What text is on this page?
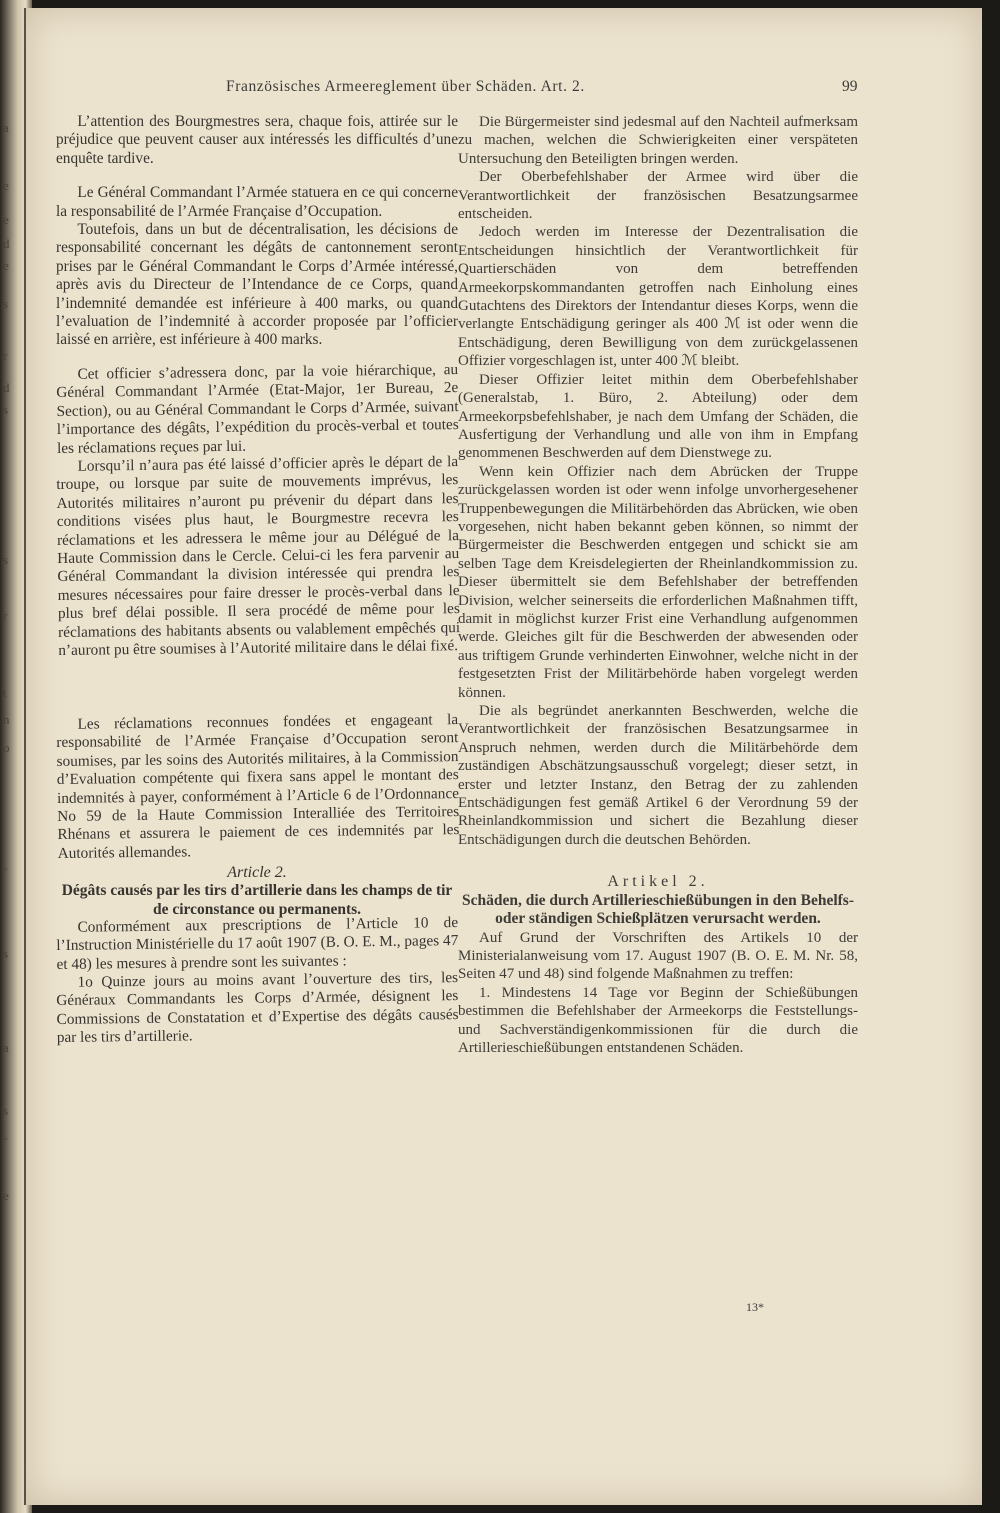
a
e
e
d
e
s
r
d
s
s
r
t
n
o
-
s
a
s
-
e
Französisches Armeereglement über Schäden. Art. 2.	99

L’attention des Bourgmestres sera, chaque fois, attirée sur le préjudice que peuvent causer aux intéressés les difficultés d’une enquête tardive.

Le Général Commandant l’Armée statuera en ce qui concerne la responsabilité de l’Armée Française d’Occupation.

Toutefois, dans un but de décentralisation, les décisions de responsabilité concernant les dégâts de cantonnement seront prises par le Général Commandant le Corps d’Armée intéressé, après avis du Directeur de l’Intendance de ce Corps, quand l’indemnité demandée est inférieure à 400 marks, ou quand l’evaluation de l’indemnité à accorder proposée par l’officier laissé en arrière, est inférieure à 400 marks.

Cet officier s’adressera donc, par la voie hiérarchique, au Général Commandant l’Armée (Etat-Major, 1er Bureau, 2e Section), ou au Général Commandant le Corps d’Armée, suivant l’importance des dégâts, l’expédition du procès-verbal et toutes les réclamations reçues par lui.

Lorsqu’il n’aura pas été laissé d’officier après le départ de la troupe, ou lorsque par suite de mouvements imprévus, les Autorités militaires n’auront pu prévenir du départ dans les conditions visées plus haut, le Bourgmestre recevra les réclamations et les adressera le même jour au Délégué de la Haute Commission dans le Cercle. Celui-ci les fera parvenir au Général Commandant la division intéressée qui prendra les mesures nécessaires pour faire dresser le procès-verbal dans le plus bref délai possible. Il sera procédé de même pour les réclamations des habitants absents ou valablement empêchés qui n’auront pu être soumises à l’Autorité militaire dans le délai fixé.

Les réclamations reconnues fondées et engageant la responsabilité de l’Armée Française d’Occupation seront soumises, par les soins des Autorités militaires, à la Commission d’Evaluation compétente qui fixera sans appel le montant des indemnités à payer, conformément à l’Article 6 de l’Ordonnance No 59 de la Haute Commission Interalliée des Territoires Rhénans et assurera le paiement de ces indemnités par les Autorités allemandes.

Article 2.

Dégâts causés par les tirs d’artillerie dans les champs de tir de circonstance ou permanents.

Conformément aux prescriptions de l’Article 10 de l’Instruction Ministérielle du 17 août 1907 (B. O. E. M., pages 47 et 48) les mesures à prendre sont les suivantes :

1o Quinze jours au moins avant l’ouverture des tirs, les Généraux Commandants les Corps d’Armée, désignent les Commissions de Constatation et d’Expertise des dégâts causés par les tirs d’artillerie.

Die Bürgermeister sind jedesmal auf den Nachteil aufmerksam zu machen, welchen die Schwierigkeiten einer verspäteten Untersuchung den Beteiligten bringen werden.

Der Oberbefehlshaber der Armee wird über die Verantwortlichkeit der französischen Besatzungsarmee entscheiden.

Jedoch werden im Interesse der Dezentralisation die Entscheidungen hinsichtlich der Verantwortlichkeit für Quartierschäden von dem betreffenden Armeekorpskommandanten getroffen nach Einholung eines Gutachtens des Direktors der Intendantur dieses Korps, wenn die verlangte Entschädigung geringer als 400 ℳ ist oder wenn die Entschädigung, deren Bewilligung von dem zurückgelassenen Offizier vorgeschlagen ist, unter 400 ℳ bleibt.

Dieser Offizier leitet mithin dem Oberbefehlshaber (Generalstab, 1. Büro, 2. Abteilung) oder dem Armeekorpsbefehlshaber, je nach dem Umfang der Schäden, die Ausfertigung der Verhandlung und alle von ihm in Empfang genommenen Beschwerden auf dem Dienstwege zu.

Wenn kein Offizier nach dem Abrücken der Truppe zurückgelassen worden ist oder wenn infolge unvorhergesehener Truppenbewegungen die Militärbehörden das Abrücken, wie oben vorgesehen, nicht haben bekannt geben können, so nimmt der Bürgermeister die Beschwerden entgegen und schickt sie am selben Tage dem Kreisdelegierten der Rheinlandkommission zu. Dieser übermittelt sie dem Befehlshaber der betreffenden Division, welcher seinerseits die erforderlichen Maßnahmen tifft, damit in möglichst kurzer Frist eine Verhandlung aufgenommen werde. Gleiches gilt für die Beschwerden der abwesenden oder aus triftigem Grunde verhinderten Einwohner, welche nicht in der festgesetzten Frist der Militärbehörde haben vorgelegt werden können.

Die als begründet anerkannten Beschwerden, welche die Verantwortlichkeit der französischen Besatzungsarmee in Anspruch nehmen, werden durch die Militärbehörde dem zuständigen Abschätzungsausschuß vorgelegt; dieser setzt, in erster und letzter Instanz, den Betrag der zu zahlenden Entschädigungen fest gemäß Artikel 6 der Verordnung 59 der Rheinlandkommission und sichert die Bezahlung dieser Entschädigungen durch die deutschen Behörden.

Artikel 2.

Schäden, die durch Artillerieschießübungen in den Behelfs- oder ständigen Schießplätzen verursacht werden.

Auf Grund der Vorschriften des Artikels 10 der Ministerialanweisung vom 17. August 1907 (B. O. E. M. Nr. 58, Seiten 47 und 48) sind folgende Maßnahmen zu treffen:

1. Mindestens 14 Tage vor Beginn der Schießübungen bestimmen die Befehlshaber der Armeekorps die Feststellungs- und Sachverständigenkommissionen für die durch die Artillerieschießübungen entstandenen Schäden.

13*
